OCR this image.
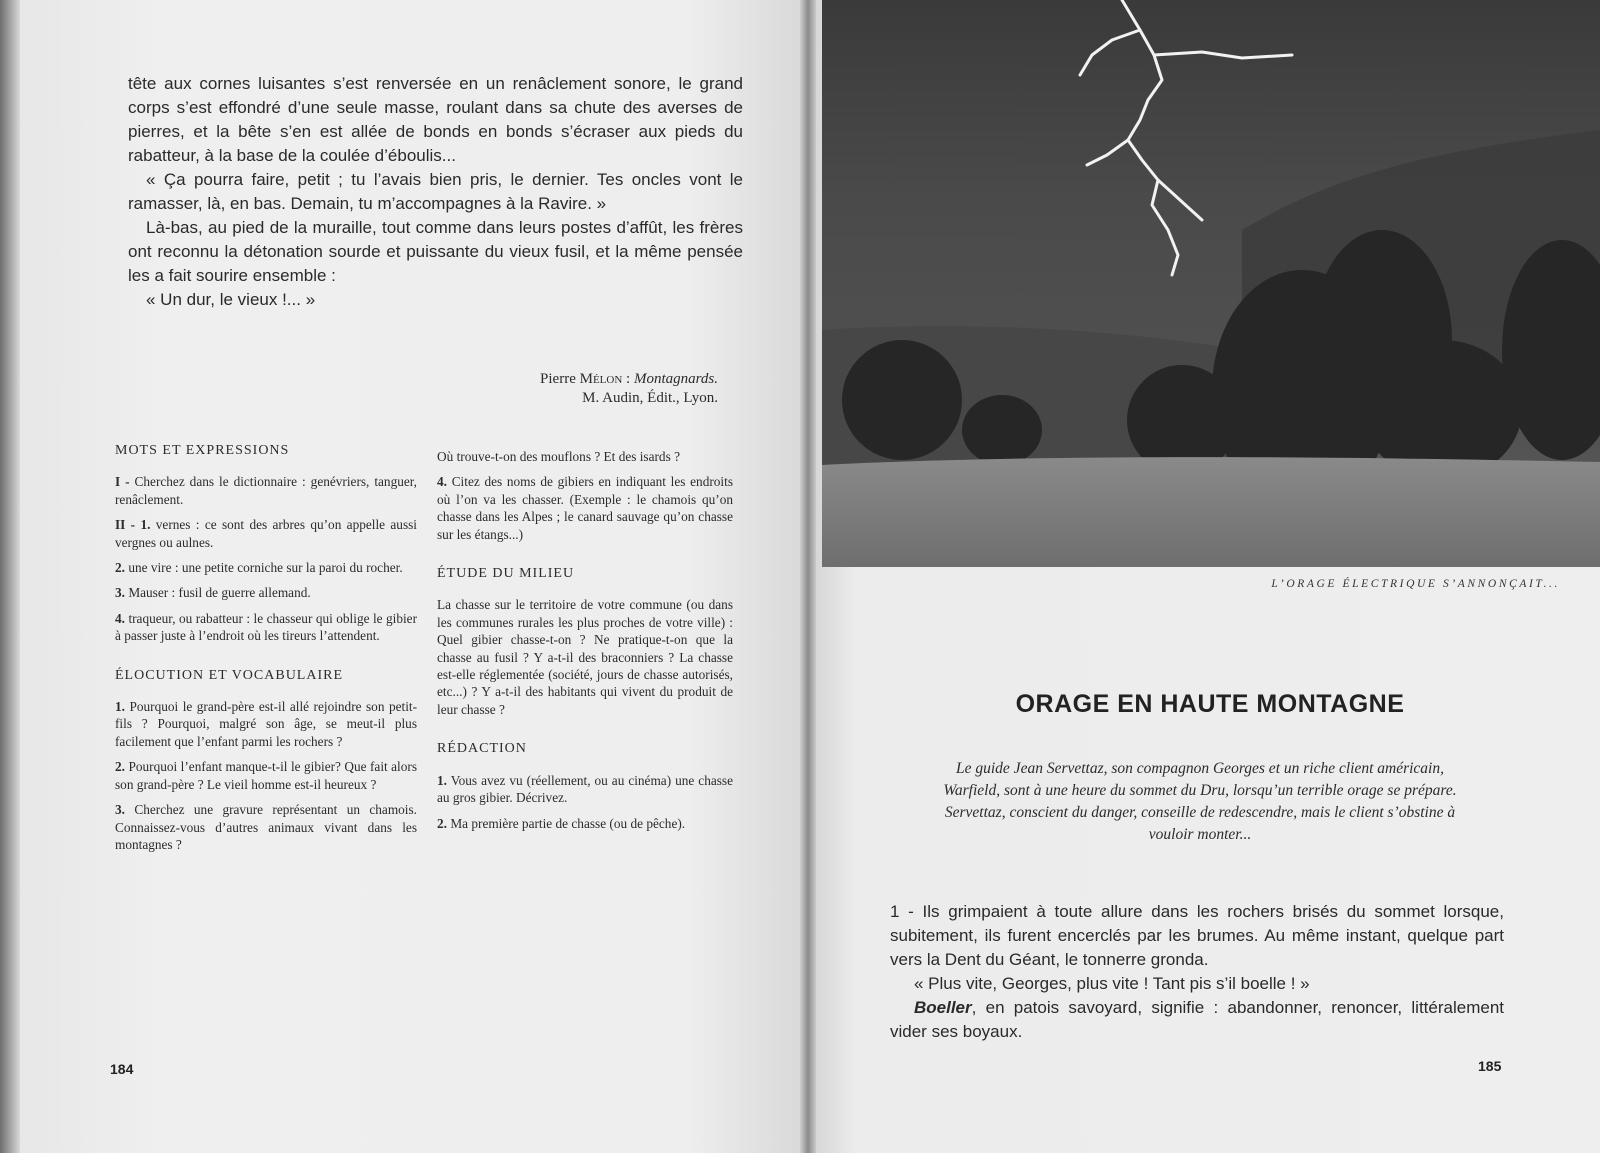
tête aux cornes luisantes s’est renversée en un renâclement sonore, le grand corps s’est effondré d’une seule masse, roulant dans sa chute des averses de pierres, et la bête s’en est allée de bonds en bonds s’écraser aux pieds du rabatteur, à la base de la coulée d’éboulis...

« Ça pourra faire, petit ; tu l’avais bien pris, le dernier. Tes oncles vont le ramasser, là, en bas. Demain, tu m’accompagnes à la Ravire. »

Là-bas, au pied de la muraille, tout comme dans leurs postes d’affût, les frères ont reconnu la détonation sourde et puissante du vieux fusil, et la même pensée les a fait sourire ensemble :

« Un dur, le vieux !... »

Pierre Mélon : Montagnards.
M. Audin, Édit., Lyon.
MOTS ET EXPRESSIONS
I - Cherchez dans le dictionnaire : genévriers, tanguer, renâclement.
II - 1. vernes : ce sont des arbres qu’on appelle aussi vergnes ou aulnes.
2. une vire : une petite corniche sur la paroi du rocher.
3. Mauser : fusil de guerre allemand.
4. traqueur, ou rabatteur : le chasseur qui oblige le gibier à passer juste à l’endroit où les tireurs l’attendent.
ÉLOCUTION ET VOCABULAIRE
1. Pourquoi le grand-père est-il allé rejoindre son petit-fils ? Pourquoi, malgré son âge, se meut-il plus facilement que l’enfant parmi les rochers ?
2. Pourquoi l’enfant manque-t-il le gibier? Que fait alors son grand-père ? Le vieil homme est-il heureux ?
3. Cherchez une gravure représentant un chamois. Connaissez-vous d’autres animaux vivant dans les montagnes ?
Où trouve-t-on des mouflons ? Et des isards ?
4. Citez des noms de gibiers en indiquant les endroits où l’on va les chasser. (Exemple : le chamois qu’on chasse dans les Alpes ; le canard sauvage qu’on chasse sur les étangs...)
ÉTUDE DU MILIEU
La chasse sur le territoire de votre commune (ou dans les communes rurales les plus proches de votre ville) : Quel gibier chasse-t-on ? Ne pratique-t-on que la chasse au fusil ? Y a-t-il des braconniers ? La chasse est-elle réglementée (société, jours de chasse autorisés, etc...) ? Y a-t-il des habitants qui vivent du produit de leur chasse ?
RÉDACTION
1. Vous avez vu (réellement, ou au cinéma) une chasse au gros gibier. Décrivez.
2. Ma première partie de chasse (ou de pêche).
184
L’ORAGE ÉLECTRIQUE S’ANNONÇAIT...
ORAGE EN HAUTE MONTAGNE
Le guide Jean Servettaz, son compagnon Georges et un riche client américain, Warfield, sont à une heure du sommet du Dru, lorsqu’un terrible orage se prépare. Servettaz, conscient du danger, conseille de redescendre, mais le client s’obstine à vouloir monter...

1 - Ils grimpaient à toute allure dans les rochers brisés du sommet lorsque, subitement, ils furent encerclés par les brumes. Au même instant, quelque part vers la Dent du Géant, le tonnerre gronda.

« Plus vite, Georges, plus vite ! Tant pis s’il boelle ! »

Boeller, en patois savoyard, signifie : abandonner, renoncer, littéralement vider ses boyaux.

185
